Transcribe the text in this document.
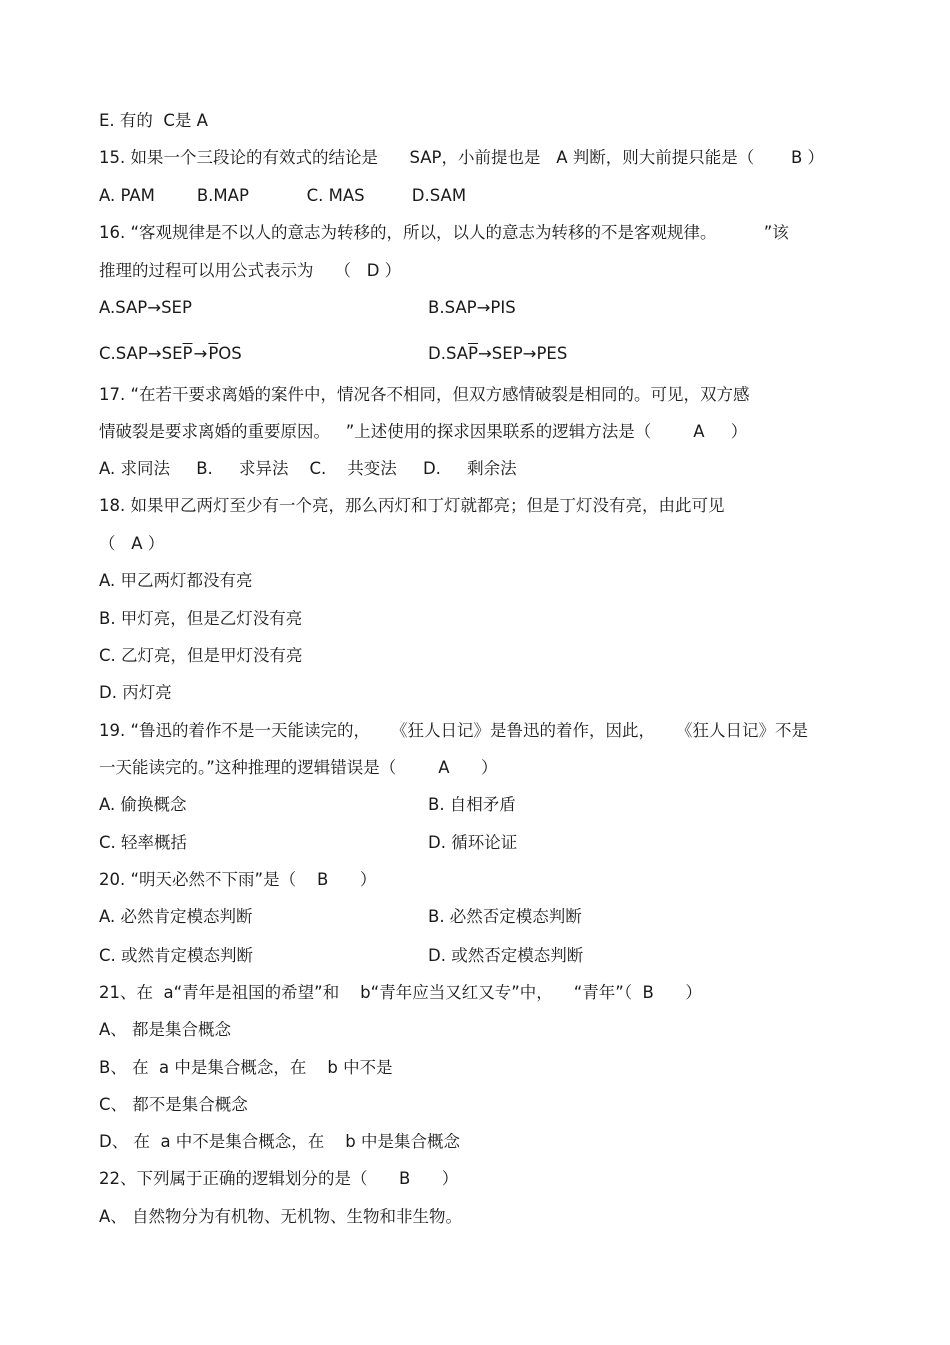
E. 有的  C是 A

15. 如果一个三段论的有效式的结论是      SAP，小前提也是   A 判断，则大前提只能是（       B ）

A. PAM        B.MAP           C. MAS         D.SAM

16. “客观规律是不以人的意志为转移的，所以，以人的意志为转移的不是客观规律。         ”该

推理的过程可以用公式表示为    （   D ）

A.SAP→SEP	B.SAP→PIS

$C.SAP\to SE\overline{P}\to\overline{P}OS$	$D.SA\overline{P}\to SEP\to PES$

17. “在若干要求离婚的案件中，情况各不相同，但双方感情破裂是相同的。可见，双方感

情破裂是要求离婚的重要原因。   ”上述使用的探求因果联系的逻辑方法是（        A     ）

A. 求同法     B.     求异法    C.    共变法     D.     剩余法

18. 如果甲乙两灯至少有一个亮，那么丙灯和丁灯就都亮；但是丁灯没有亮，由此可见

（   A ）

A. 甲乙两灯都没有亮

B. 甲灯亮，但是乙灯没有亮

C. 乙灯亮，但是甲灯没有亮

D. 丙灯亮

19. “鲁迅的着作不是一天能读完的，    《狂人日记》是鲁迅的着作，因此，    《狂人日记》不是

一天能读完的。”这种推理的逻辑错误是（        A      ）

A. 偷换概念	B. 自相矛盾

C. 轻率概括	D. 循环论证

20. “明天必然不下雨”是（    B      ）

A. 必然肯定模态判断	B. 必然否定模态判断

C. 或然肯定模态判断	D. 或然否定模态判断

21、在  a“青年是祖国的希望”和    b“青年应当又红又专”中，    “青年”（  B      ）

A、 都是集合概念

B、 在  a 中是集合概念，在    b 中不是

C、 都不是集合概念

D、 在  a 中不是集合概念，在    b 中是集合概念

22、下列属于正确的逻辑划分的是（      B      ）

A、 自然物分为有机物、无机物、生物和非生物。
